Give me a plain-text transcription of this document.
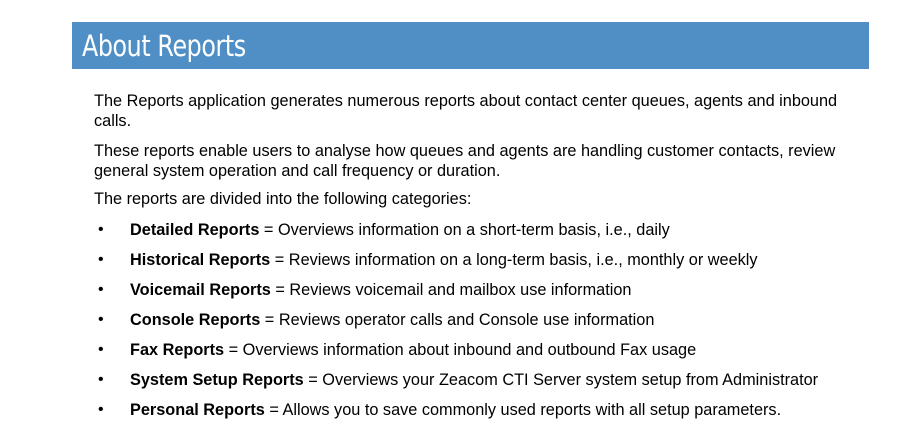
About Reports

The Reports application generates numerous reports about contact center queues, agents and inbound calls.

These reports enable users to analyse how queues and agents are handling customer contacts, review general system operation and call frequency or duration.

The reports are divided into the following categories:

• Detailed Reports = Overviews information on a short-term basis, i.e., daily
• Historical Reports = Reviews information on a long-term basis, i.e., monthly or weekly
• Voicemail Reports = Reviews voicemail and mailbox use information
• Console Reports = Reviews operator calls and Console use information
• Fax Reports = Overviews information about inbound and outbound Fax usage
• System Setup Reports = Overviews your Zeacom CTI Server system setup from Administrator
• Personal Reports = Allows you to save commonly used reports with all setup parameters.
